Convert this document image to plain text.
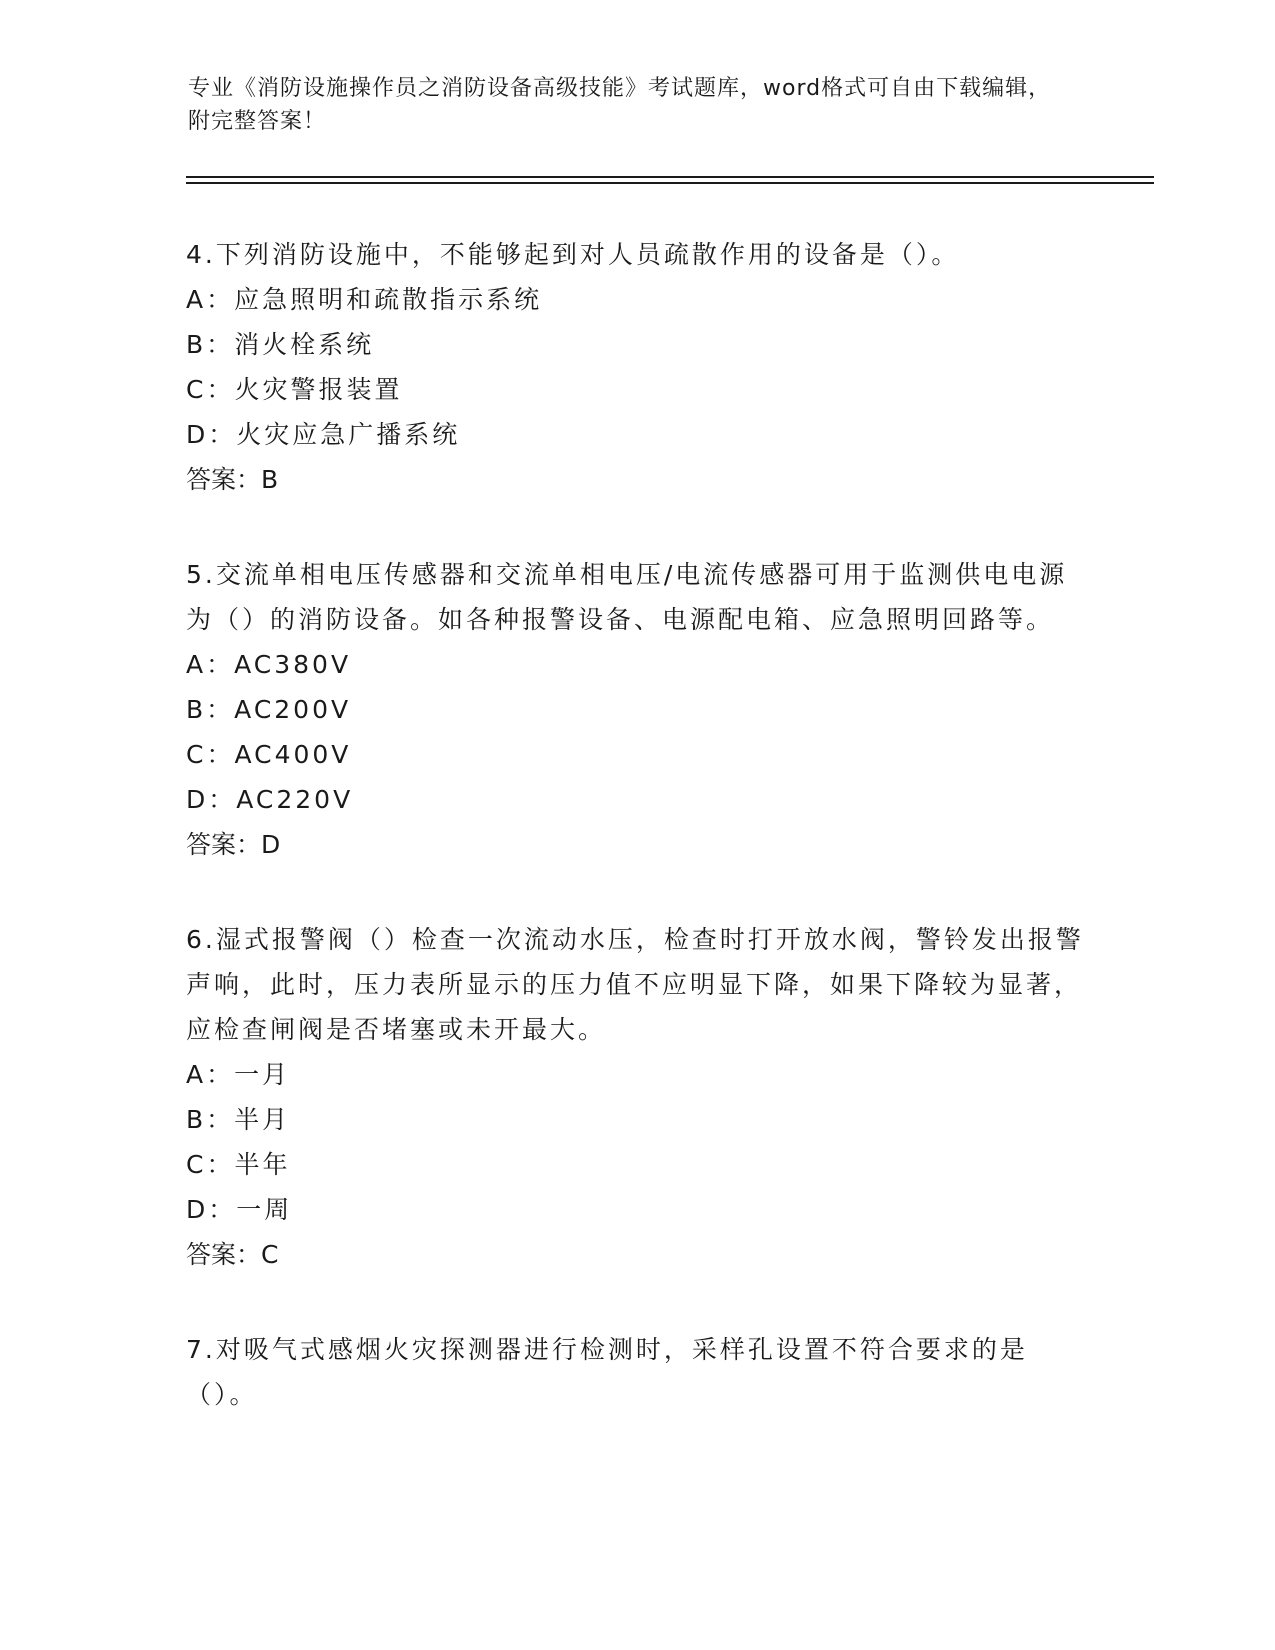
专业《消防设施操作员之消防设备高级技能》考试题库，word格式可自由下载编辑，附完整答案！
4.下列消防设施中，不能够起到对人员疏散作用的设备是（）。
A：应急照明和疏散指示系统
B：消火栓系统
C：火灾警报装置
D：火灾应急广播系统
答案：B
5.交流单相电压传感器和交流单相电压/电流传感器可用于监测供电电源为（）的消防设备。如各种报警设备、电源配电箱、应急照明回路等。
A：AC380V
B：AC200V
C：AC400V
D：AC220V
答案：D
6.湿式报警阀（）检查一次流动水压，检查时打开放水阀，警铃发出报警声响，此时，压力表所显示的压力值不应明显下降，如果下降较为显著，应检查闸阀是否堵塞或未开最大。
A：一月
B：半月
C：半年
D：一周
答案：C
7.对吸气式感烟火灾探测器进行检测时，采样孔设置不符合要求的是（）。
